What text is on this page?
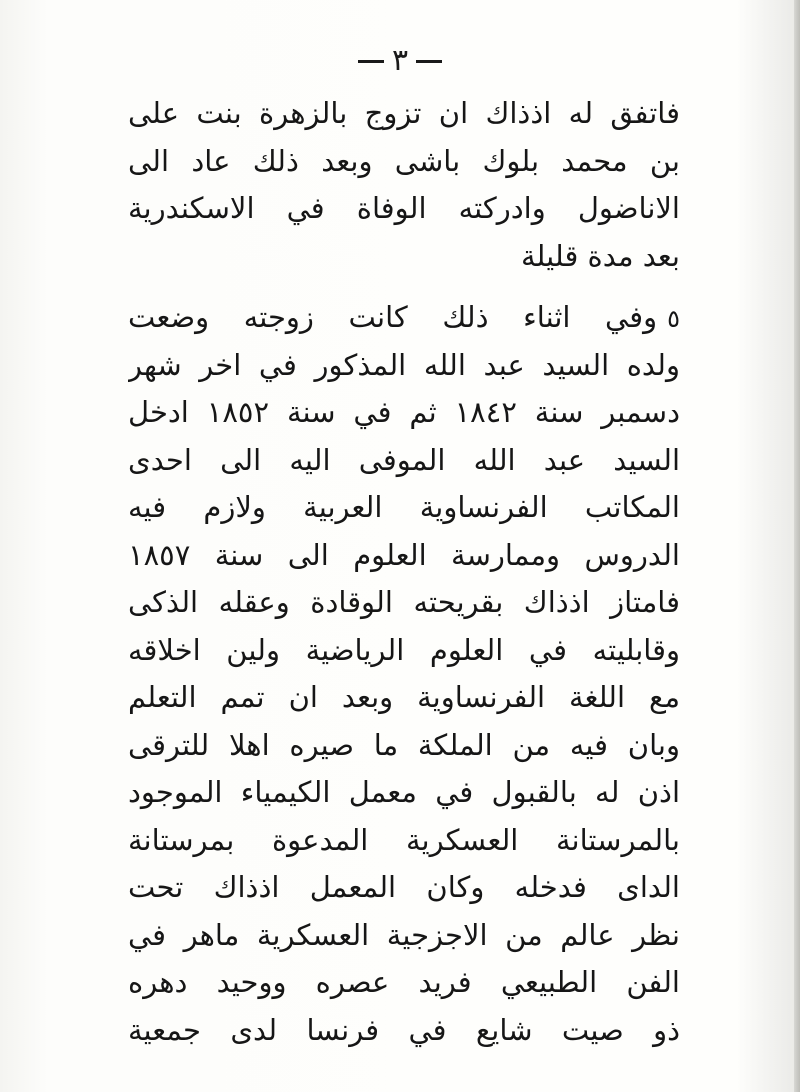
٣
فاتفق له اذذاك ان تزوج بالزهرة بنت على
بن محمد بلوك باشى وبعد ذلك عاد الى
الاناضول وادركته الوفاة في الاسكندرية
بعد مدة قليلة
٥وفي اثناء ذلك كانت زوجته وضعت
ولده السيد عبد الله المذكور في اخر شهر
دسمبر سنة ١٨٤٢ ثم في سنة ١٨٥٢ ادخل
السيد عبد الله الموفى اليه الى احدى
المكاتب الفرنساوية العربية ولازم فيه
الدروس وممارسة العلوم الى سنة ١٨٥٧
فامتاز اذذاك بقريحته الوقادة وعقله الذكى
وقابليته في العلوم الرياضية ولين اخلاقه
مع اللغة الفرنساوية وبعد ان تمم التعلم
وبان فيه من الملكة ما صيره اهلا للترقى
اذن له بالقبول في معمل الكيمياء الموجود
بالمرستانة العسكرية المدعوة بمرستانة
الداى فدخله وكان المعمل اذذاك تحت
نظر عالم من الاجزجية العسكرية ماهر في
الفن الطبيعي فريد عصره ووحيد دهره
ذو صيت شايع في فرنسا لدى جمعية
